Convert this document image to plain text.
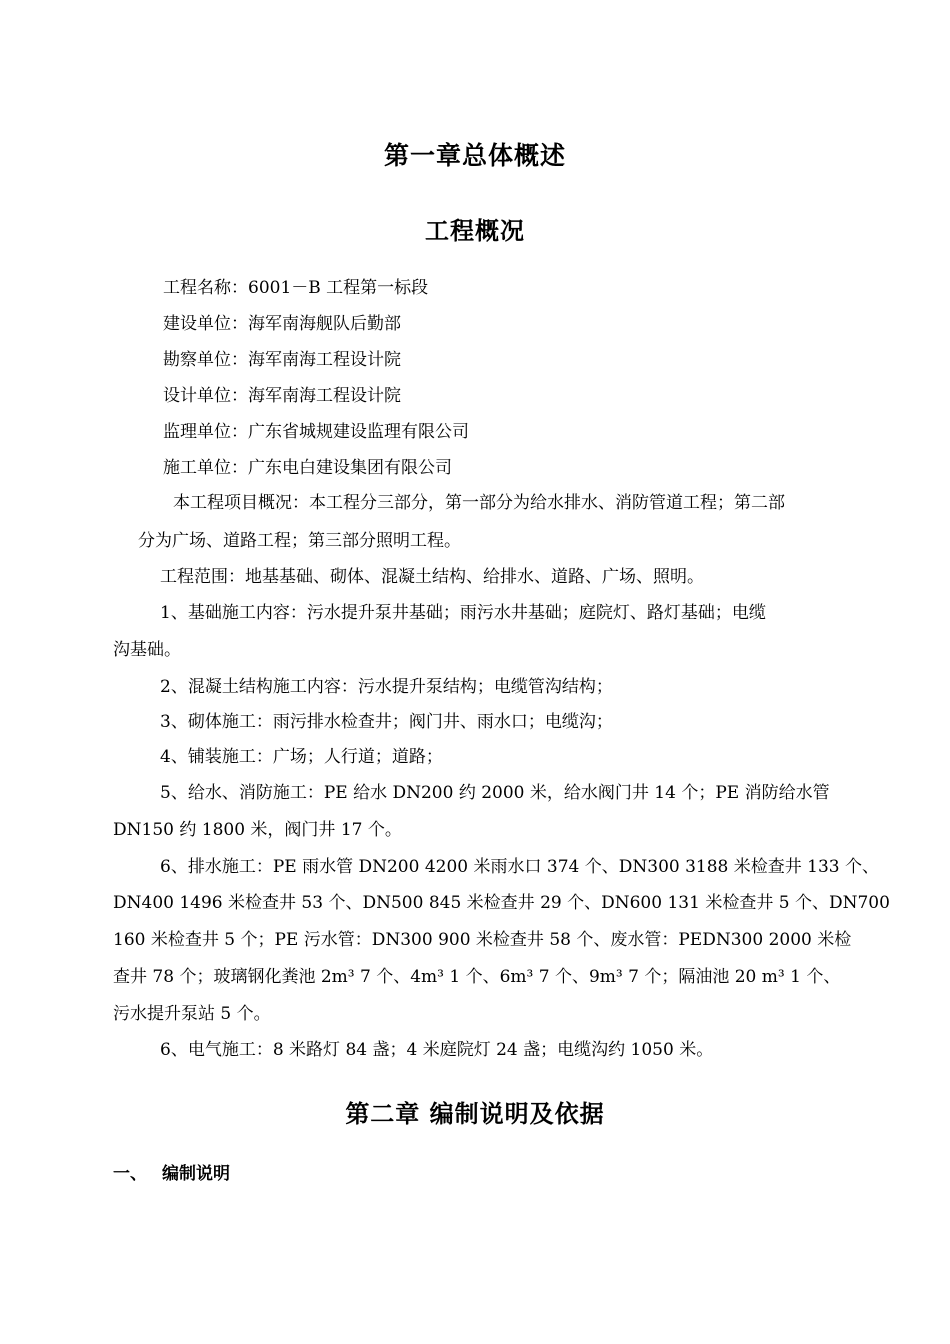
第一章总体概述
工程概况
工程名称：6001－B 工程第一标段
建设单位：海军南海舰队后勤部
勘察单位：海军南海工程设计院
设计单位：海军南海工程设计院
监理单位：广东省城规建设监理有限公司
施工单位：广东电白建设集团有限公司
本工程项目概况：本工程分三部分，第一部分为给水排水、消防管道工程；第二部
分为广场、道路工程；第三部分照明工程。
工程范围：地基基础、砌体、混凝土结构、给排水、道路、广场、照明。
1、基础施工内容：污水提升泵井基础；雨污水井基础；庭院灯、路灯基础；电缆
沟基础。
2、混凝土结构施工内容：污水提升泵结构；电缆管沟结构；
3、砌体施工：雨污排水检查井；阀门井、雨水口；电缆沟；
4、铺装施工：广场；人行道；道路；
5、给水、消防施工：PE 给水 DN200 约 2000 米，给水阀门井 14 个；PE 消防给水管
DN150 约 1800 米，阀门井 17 个。
6、排水施工：PE 雨水管 DN200 4200 米雨水口 374 个、DN300 3188 米检查井 133 个、
DN400 1496 米检查井 53 个、DN500 845 米检查井 29 个、DN600 131 米检查井 5 个、DN700
160 米检查井 5 个；PE 污水管：DN300 900 米检查井 58 个、废水管：PEDN300 2000 米检
查井 78 个；玻璃钢化粪池 2m³ 7 个、4m³ 1 个、6m³ 7 个、9m³ 7 个；隔油池 20 m³ 1 个、
污水提升泵站 5 个。
6、电气施工：8 米路灯 84 盏；4 米庭院灯 24 盏；电缆沟约 1050 米。
第二章 编制说明及依据
一、 编制说明
